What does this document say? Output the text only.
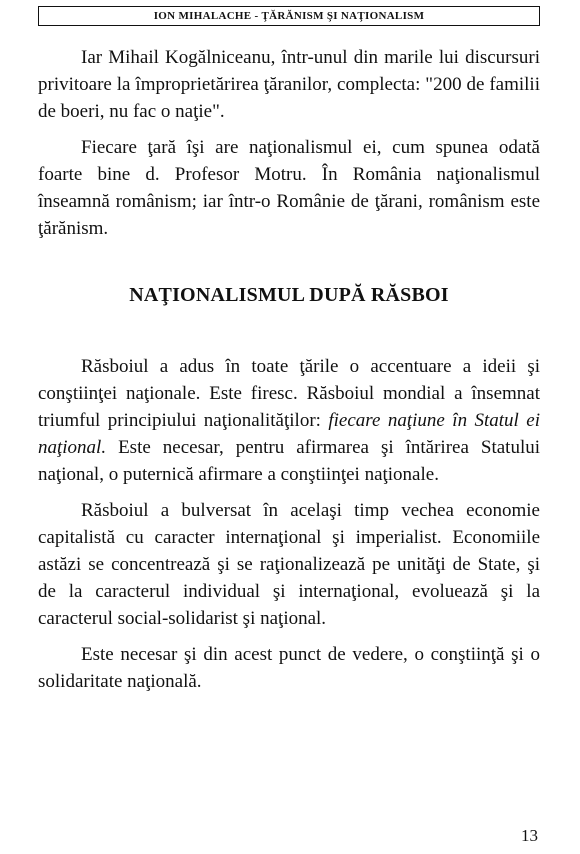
ION MIHALACHE - ŢĂRĂNISM ŞI NAŢIONALISM

Iar Mihail Kogălniceanu, într-unul din marile lui discursuri privitoare la împroprietărirea ţăranilor, complecta: "200 de familii de boeri, nu fac o naţie".

Fiecare ţară îşi are naţionalismul ei, cum spunea odată foarte bine d. Profesor Motru. În România naţionalismul înseamnă românism; iar într-o Românie de ţărani, românism este ţărănism.

NAŢIONALISMUL DUPĂ RĂSBOI

Răsboiul a adus în toate ţările o accentuare a ideii şi conştiinţei naţionale. Este firesc. Răsboiul mondial a însemnat triumful principiului naţionalităţilor: fiecare naţiune în Statul ei naţional. Este necesar, pentru afirmarea şi întărirea Statului naţional, o puternică afirmare a conştiinţei naţionale.

Răsboiul a bulversat în acelaşi timp vechea economie capitalistă cu caracter internaţional şi imperialist. Economiile astăzi se concentrează şi se raţionalizează pe unităţi de State, şi de la caracterul individual şi internaţional, evoluează şi la caracterul social-solidarist şi naţional.

Este necesar şi din acest punct de vedere, o conştiinţă şi o solidaritate naţională.

13
